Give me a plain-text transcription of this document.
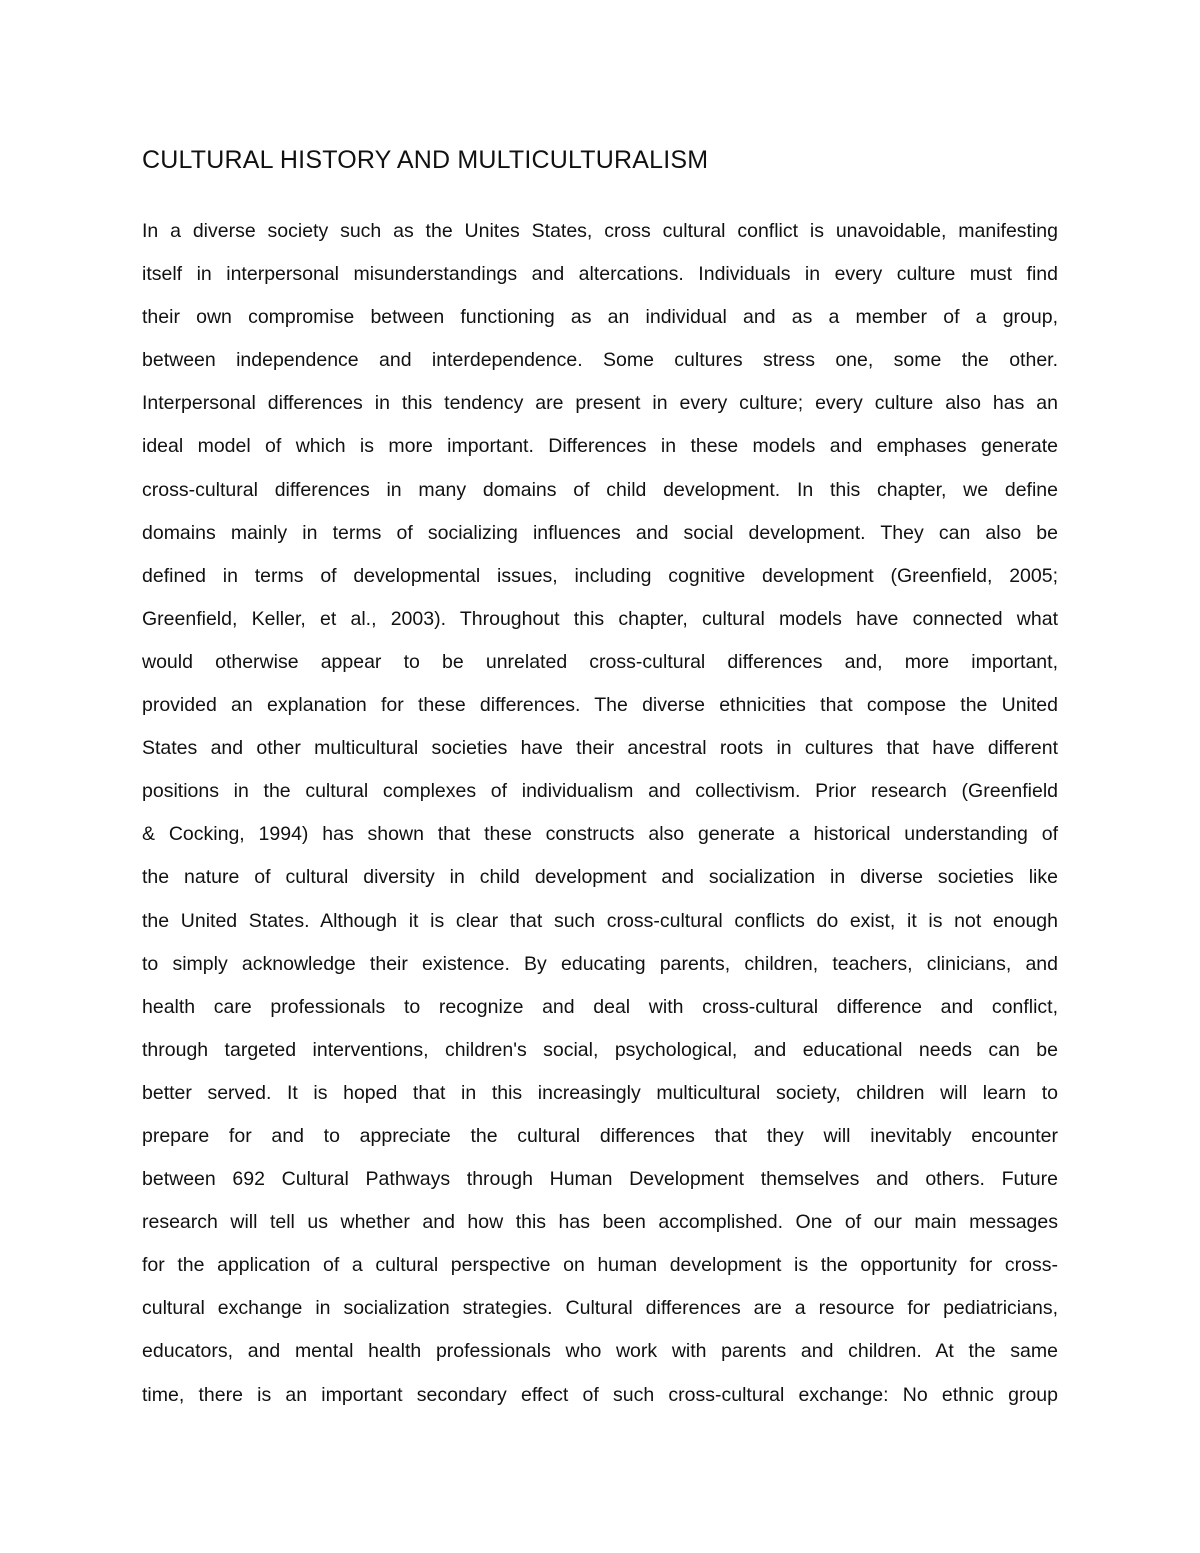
CULTURAL HISTORY AND MULTICULTURALISM
In a diverse society such as the Unites States, cross cultural conflict is unavoidable, manifesting
itself in interpersonal misunderstandings and altercations. Individuals in every culture must find
their own compromise between functioning as an individual and as a member of a group,
between independence and interdependence. Some cultures stress one, some the other.
Interpersonal differences in this tendency are present in every culture; every culture also has an
ideal model of which is more important. Differences in these models and emphases generate
cross-cultural differences in many domains of child development. In this chapter, we define
domains mainly in terms of socializing influences and social development. They can also be
defined in terms of developmental issues, including cognitive development (Greenfield, 2005;
Greenfield, Keller, et al., 2003). Throughout this chapter, cultural models have connected what
would otherwise appear to be unrelated cross-cultural differences and, more important,
provided an explanation for these differences. The diverse ethnicities that compose the United
States and other multicultural societies have their ancestral roots in cultures that have different
positions in the cultural complexes of individualism and collectivism. Prior research (Greenfield
& Cocking, 1994) has shown that these constructs also generate a historical understanding of
the nature of cultural diversity in child development and socialization in diverse societies like
the United States. Although it is clear that such cross-cultural conflicts do exist, it is not enough
to simply acknowledge their existence. By educating parents, children, teachers, clinicians, and
health care professionals to recognize and deal with cross-cultural difference and conflict,
through targeted interventions, children's social, psychological, and educational needs can be
better served. It is hoped that in this increasingly multicultural society, children will learn to
prepare for and to appreciate the cultural differences that they will inevitably encounter
between 692 Cultural Pathways through Human Development themselves and others. Future
research will tell us whether and how this has been accomplished. One of our main messages
for the application of a cultural perspective on human development is the opportunity for cross-
cultural exchange in socialization strategies. Cultural differences are a resource for pediatricians,
educators, and mental health professionals who work with parents and children. At the same
time, there is an important secondary effect of such cross-cultural exchange: No ethnic group
